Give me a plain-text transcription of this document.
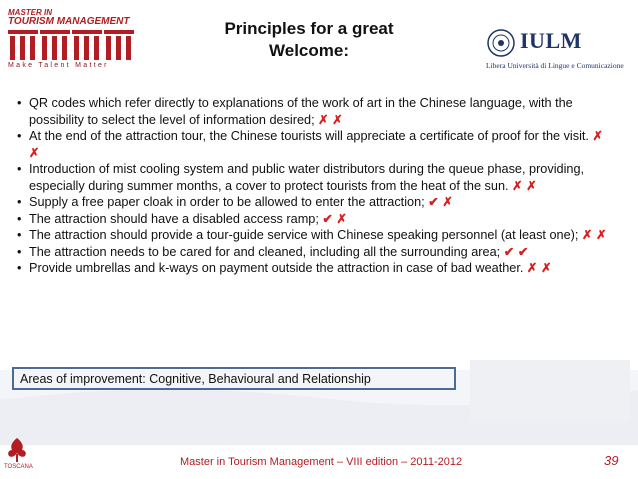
MASTER IN
TOURISM MANAGEMENT
Make Talent Matter
Principles for a great Welcome:	IULM
Libera Università di Lingue e Comunicazione
• QR codes which refer directly to explanations of the work of art in the Chinese language, with the possibility to select the level of information desired; ✗ ✗
• At the end of the attraction tour, the Chinese tourists will appreciate a certificate of proof for the visit. ✗ ✗
• Introduction of mist cooling system and public water distributors during the queue phase, providing, especially during summer months, a cover to protect tourists from the heat of the sun. ✗ ✗
• Supply a free paper cloak in order to be allowed to enter the attraction; ✔ ✗
• The attraction should have a disabled access ramp; ✔ ✗
• The attraction should provide a tour-guide service with Chinese speaking personnel (at least one); ✗ ✗
• The attraction needs to be cared for and cleaned, including all the surrounding area; ✔ ✔
• Provide umbrellas and k-ways on payment outside the attraction in case of bad weather. ✗ ✗
Areas of improvement: Cognitive, Behavioural and Relationship
TOSCANA	Master in Tourism Management – VIII edition – 2011-2012	39
